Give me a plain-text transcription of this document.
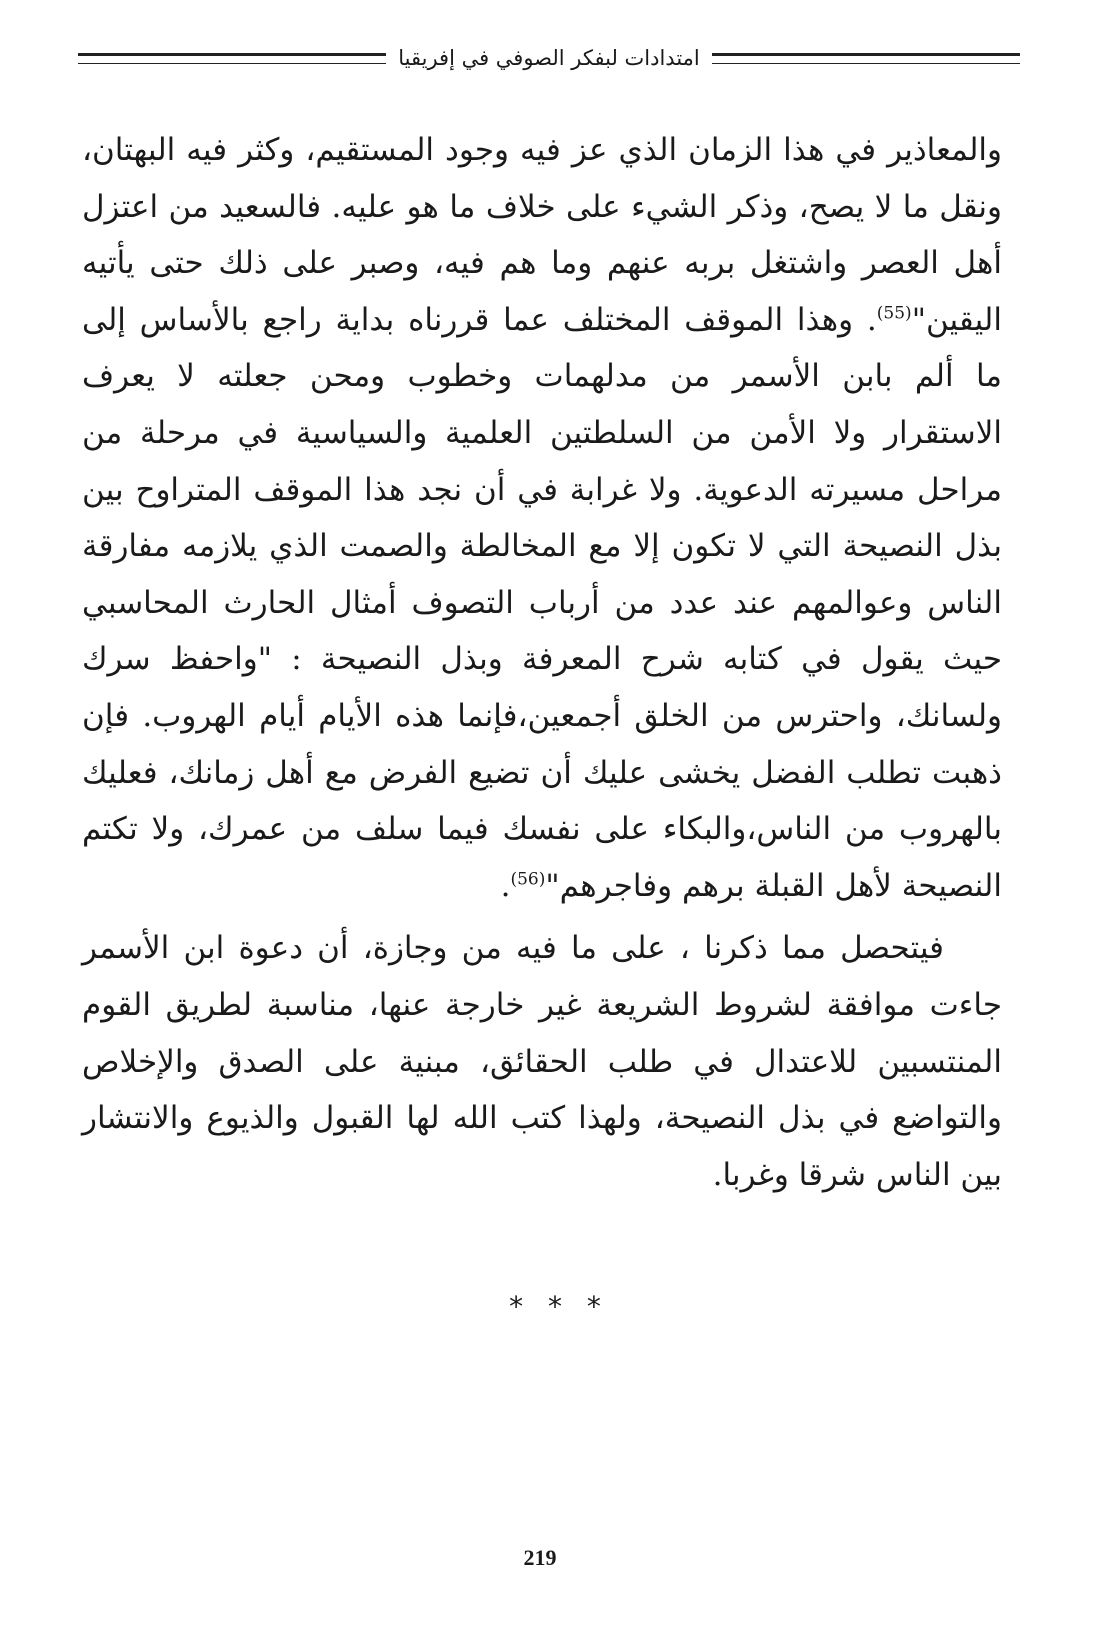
امتدادات لبفكر الصوفي في إفريقيا

والمعاذير في هذا الزمان الذي عز فيه وجود المستقيم، وكثر فيه البهتان، ونقل ما لا يصح، وذكر الشيء على خلاف ما هو عليه. فالسعيد من اعتزل أهل العصر واشتغل بربه عنهم وما هم فيه، وصبر على ذلك حتى يأتيه اليقين"$^{(55)}$. وهذا الموقف المختلف عما قررناه بداية راجع بالأساس إلى ما ألم بابن الأسمر من مدلهمات وخطوب ومحن جعلته لا يعرف الاستقرار ولا الأمن من السلطتين العلمية والسياسية في مرحلة من مراحل مسيرته الدعوية. ولا غرابة في أن نجد هذا الموقف المتراوح بين بذل النصيحة التي لا تكون إلا مع المخالطة والصمت الذي يلازمه مفارقة الناس وعوالمهم عند عدد من أرباب التصوف أمثال الحارث المحاسبي حيث يقول في كتابه شرح المعرفة وبذل النصيحة : "واحفظ سرك ولسانك، واحترس من الخلق أجمعين،فإنما هذه الأيام أيام الهروب. فإن ذهبت تطلب الفضل يخشى عليك أن تضيع الفرض مع أهل زمانك، فعليك بالهروب من الناس،والبكاء على نفسك فيما سلف من عمرك، ولا تكتم النصيحة لأهل القبلة برهم وفاجرهم"$^{(56)}$.

فيتحصل مما ذكرنا ، على ما فيه من وجازة، أن دعوة ابن الأسمر جاءت موافقة لشروط الشريعة غير خارجة عنها، مناسبة لطريق القوم المنتسبين للاعتدال في طلب الحقائق، مبنية على الصدق والإخلاص والتواضع في بذل النصيحة، ولهذا كتب الله لها القبول والذيوع والانتشار بين الناس شرقا وغربا.

* * *
219
